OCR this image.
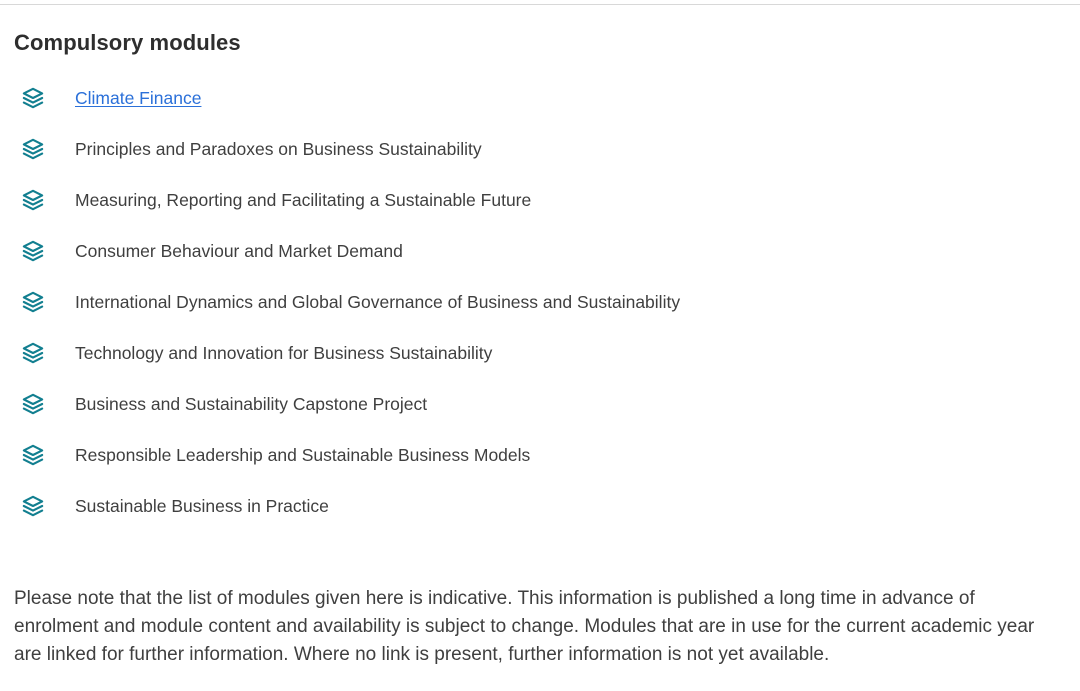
Compulsory modules
Climate Finance
Principles and Paradoxes on Business Sustainability
Measuring, Reporting and Facilitating a Sustainable Future
Consumer Behaviour and Market Demand
International Dynamics and Global Governance of Business and Sustainability
Technology and Innovation for Business Sustainability
Business and Sustainability Capstone Project
Responsible Leadership and Sustainable Business Models
Sustainable Business in Practice

Please note that the list of modules given here is indicative. This information is published a long time in advance of enrolment and module content and availability is subject to change. Modules that are in use for the current academic year are linked for further information. Where no link is present, further information is not yet available.
